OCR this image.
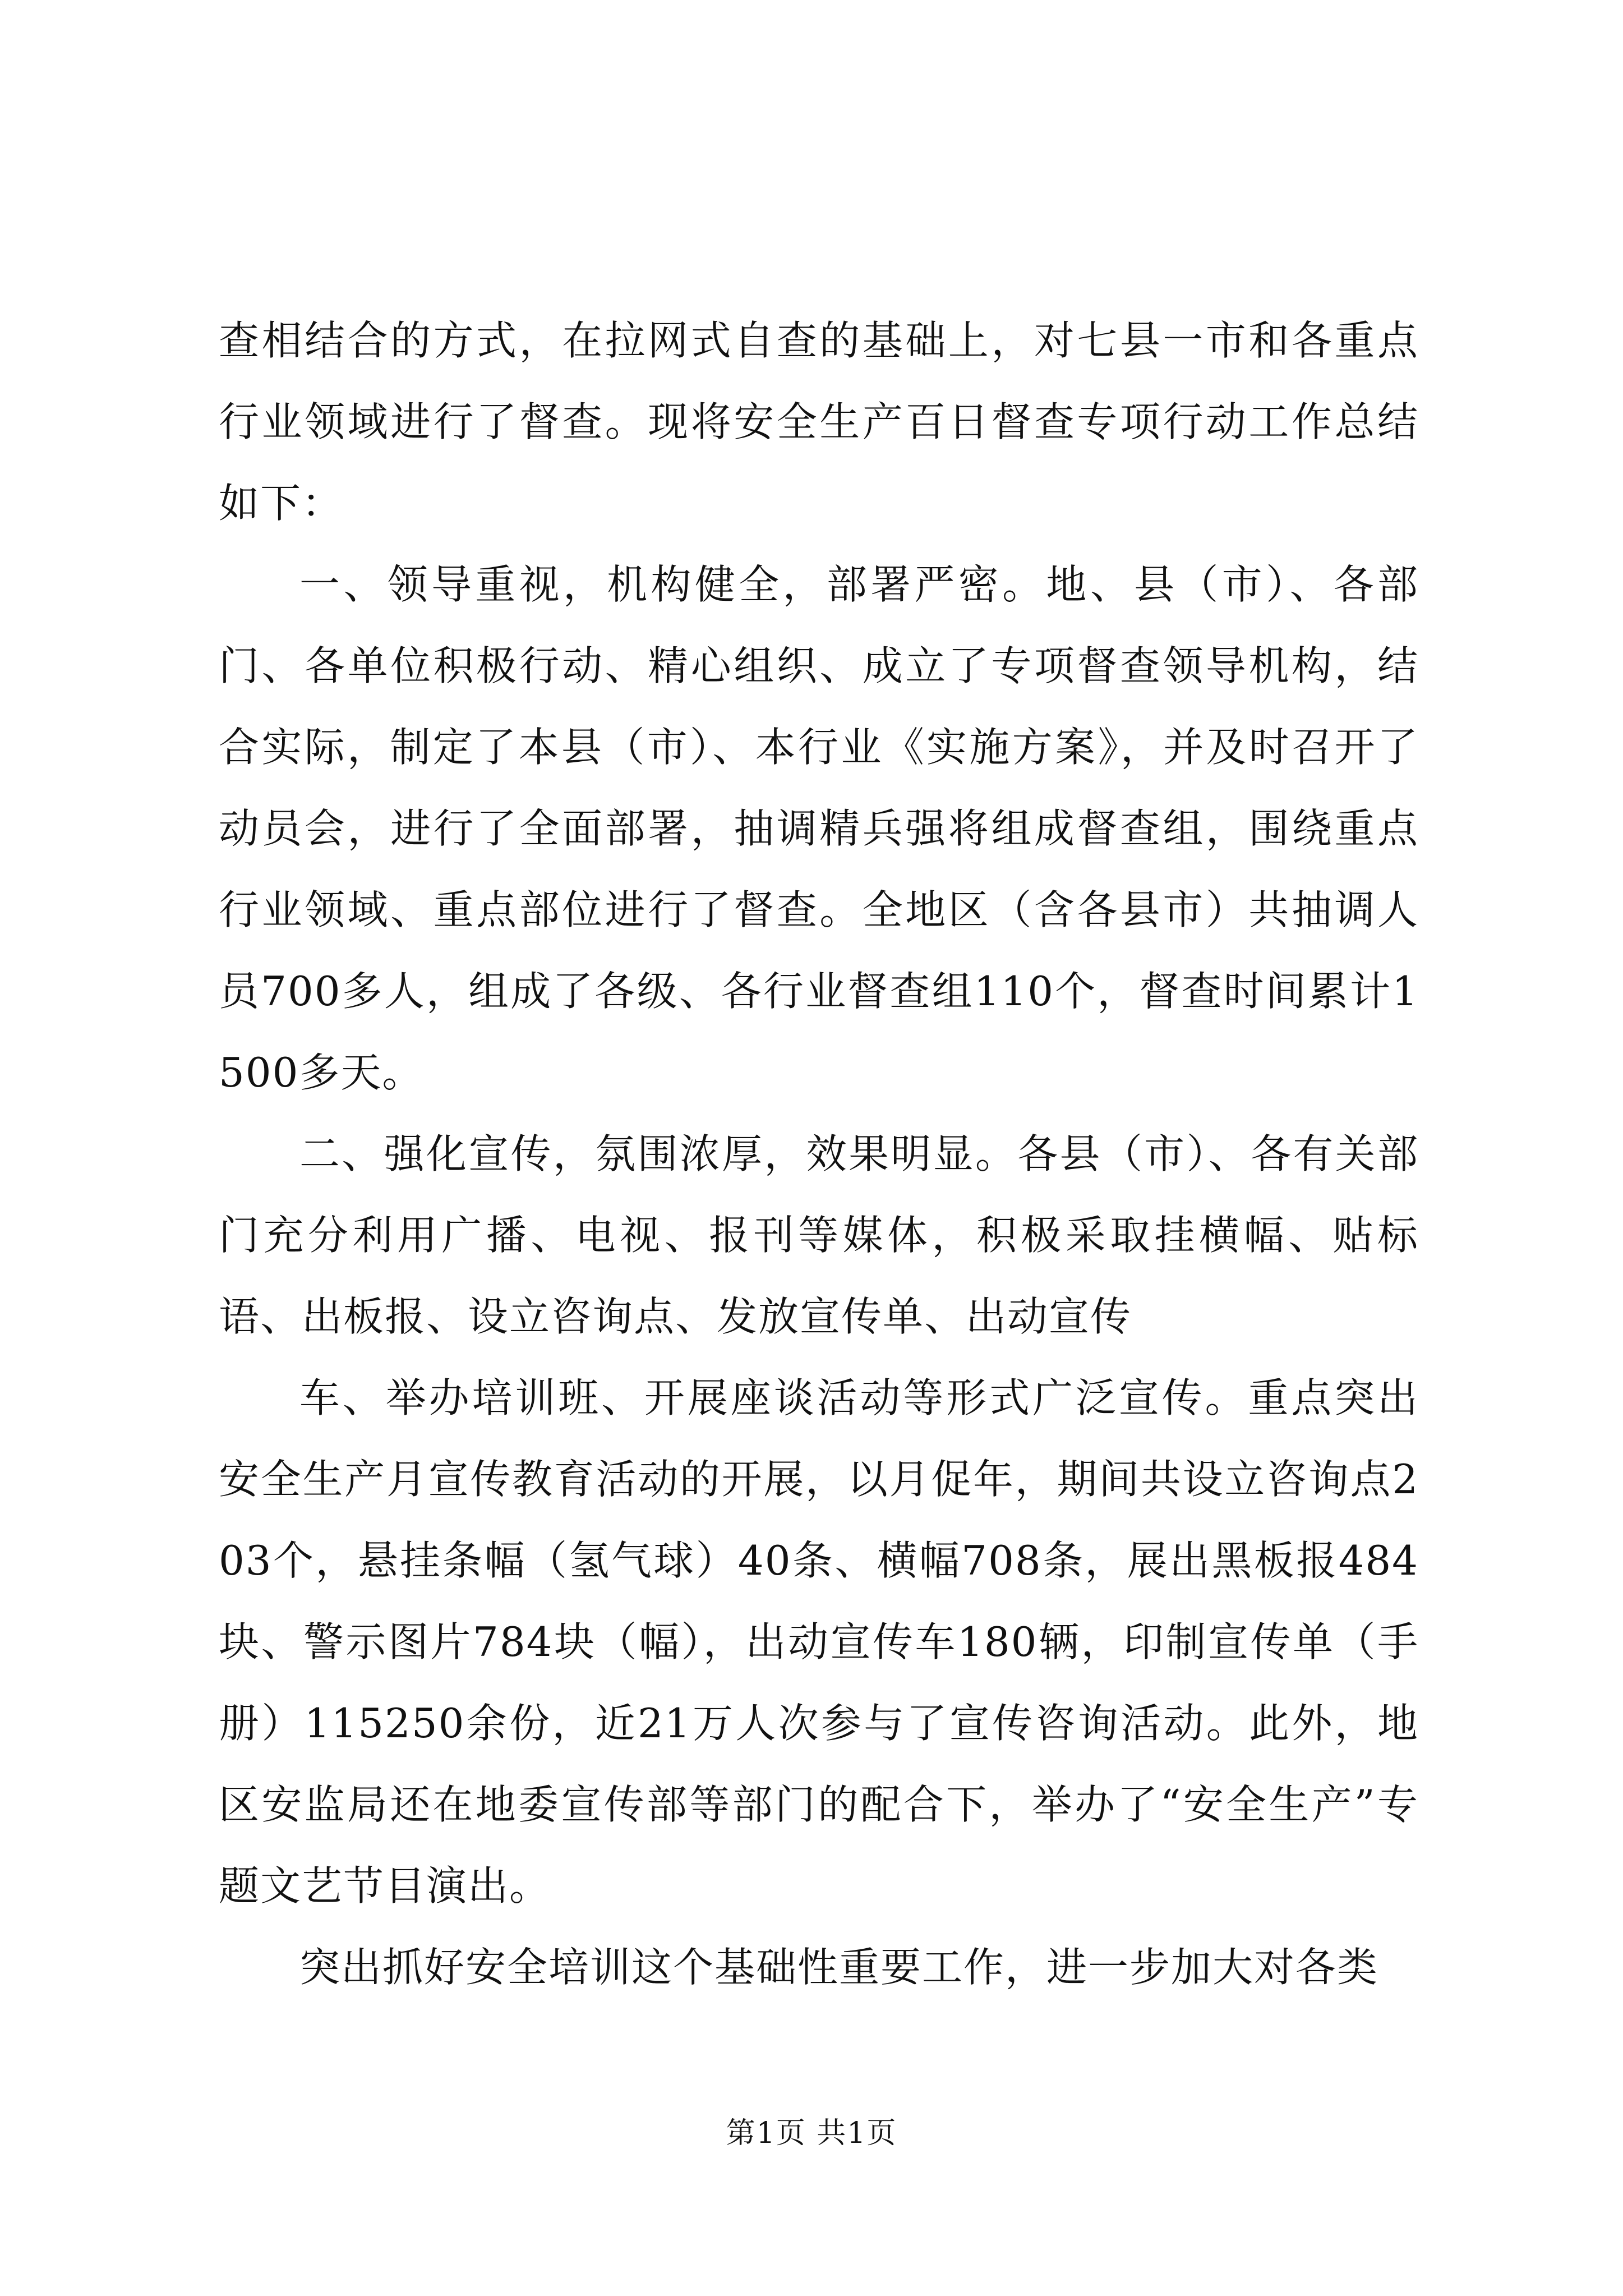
查相结合的方式，在拉网式自查的基础上，对七县一市和各重点行业领域进行了督查。现将安全生产百日督查专项行动工作总结如下：

一、领导重视，机构健全，部署严密。地、县（市）、各部门、各单位积极行动、精心组织、成立了专项督查领导机构，结合实际，制定了本县（市）、本行业《实施方案》，并及时召开了动员会，进行了全面部署，抽调精兵强将组成督查组，围绕重点行业领域、重点部位进行了督查。全地区（含各县市）共抽调人员700多人，组成了各级、各行业督查组110个，督查时间累计1500多天。

二、强化宣传，氛围浓厚，效果明显。各县（市）、各有关部门充分利用广播、电视、报刊等媒体，积极采取挂横幅、贴标语、出板报、设立咨询点、发放宣传单、出动宣传

车、举办培训班、开展座谈活动等形式广泛宣传。重点突出安全生产月宣传教育活动的开展，以月促年，期间共设立咨询点203个，悬挂条幅（氢气球）40条、横幅708条，展出黑板报484块、警示图片784块（幅），出动宣传车180辆，印制宣传单（手册）115250余份，近21万人次参与了宣传咨询活动。此外，地区安监局还在地委宣传部等部门的配合下，举办了“安全生产”专题文艺节目演出。

突出抓好安全培训这个基础性重要工作，进一步加大对各类

第1页 共1页
